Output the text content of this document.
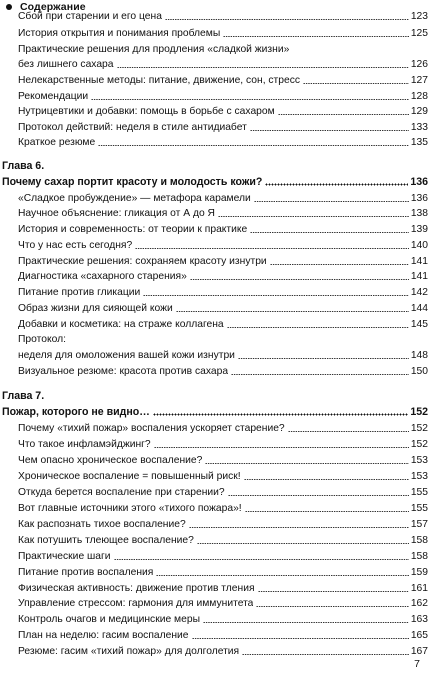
Содержание
Сбой при старении и его цена	123
История открытия и понимания проблемы	125
Практические решения для продления «сладкой жизни»
без лишнего сахара	126
Нелекарственные методы: питание, движение, сон, стресс	127
Рекомендации	128
Нутрицевтики и добавки: помощь в борьбе с сахаром	129
Протокол действий: неделя в стиле антидиабет	133
Краткое резюме	135
Глава 6.
Почему сахар портит красоту и молодость кожи?	136
«Сладкое пробуждение» — метафора карамели	136
Научное объяснение: гликация от А до Я	138
История и современность: от теории к практике	139
Что у нас есть сегодня?	140
Практические решения: сохраняем красоту изнутри	141
Диагностика «сахарного старения»	141
Питание против гликации	142
Образ жизни для сияющей кожи	144
Добавки и косметика: на страже коллагена	145
Протокол:
неделя для омоложения вашей кожи изнутри	148
Визуальное резюме: красота против сахара	150
Глава 7.
Пожар, которого не видно…	152
Почему «тихий пожар» воспаления ускоряет старение?	152
Что такое инфламэйджинг?	152
Чем опасно хроническое воспаление?	153
Хроническое воспаление = повышенный риск!	153
Откуда берется воспаление при старении?	155
Вот главные источники этого «тихого пожара»!	155
Как распознать тихое воспаление?	157
Как потушить тлеющее воспаление?	158
Практические шаги	158
Питание против воспаления	159
Физическая активность: движение против тления	161
Управление стрессом: гармония для иммунитета	162
Контроль очагов и медицинские меры	163
План на неделю: гасим воспаление	165
Резюме: гасим «тихий пожар» для долголетия	167
7
